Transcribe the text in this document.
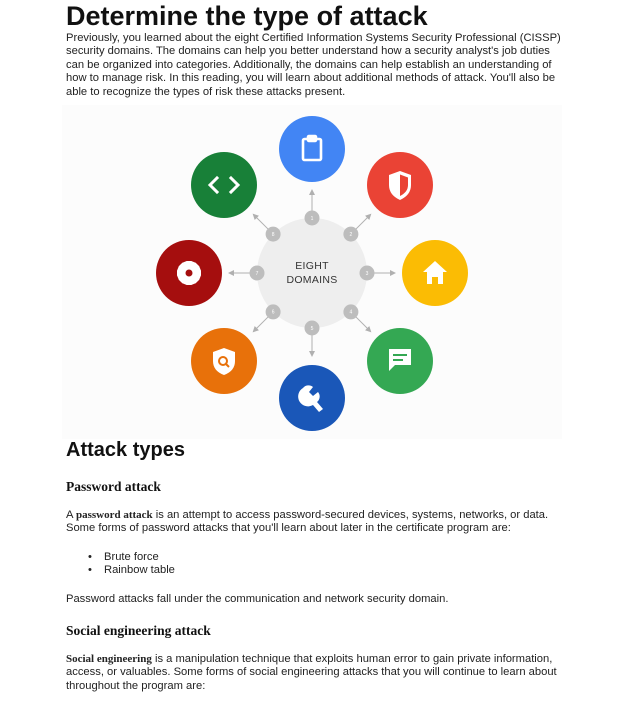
Determine the type of attack

Previously, you learned about the eight Certified Information Systems Security Professional (CISSP)
security domains. The domains can help you better understand how a security analyst's job duties
can be organized into categories. Additionally, the domains can help establish an understanding of
how to manage risk. In this reading, you will learn about additional methods of attack. You'll also be
able to recognize the types of risk these attacks present.

EIGHT
DOMAINS
1
2
3
4
5
6
7
8
Attack types
Password attack

A password attack is an attempt to access password-secured devices, systems, networks, or data.
Some forms of password attacks that you'll learn about later in the certificate program are:

• Brute force
• Rainbow table

Password attacks fall under the communication and network security domain.

Social engineering attack

Social engineering is a manipulation technique that exploits human error to gain private information,
access, or valuables. Some forms of social engineering attacks that you will continue to learn about
throughout the program are:
